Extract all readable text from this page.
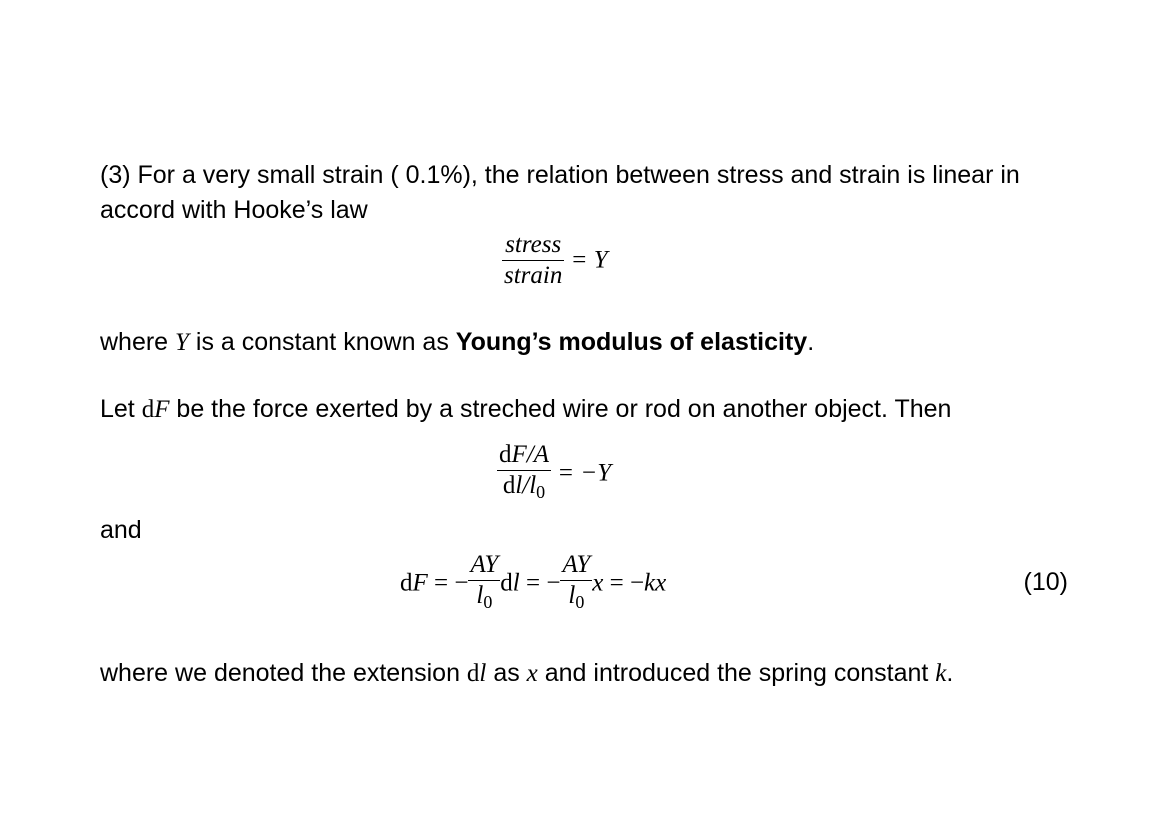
(3) For a very small strain ( 0.1%), the relation between stress and strain is linear in
accord with Hooke’s law
$\frac{\text{stress}}{\text{strain}} = Y$
where Y is a constant known as Young’s modulus of elasticity.
Let dF be the force exerted by a streched wire or rod on another object. Then
$\frac{dF/A}{dl/l_0} = -Y$
and
dF = − $\frac{AY}{l_0}$ dl = − $\frac{AY}{l_0}$ x = −kx	(10)
where we denoted the extension dl as x and introduced the spring constant k.
